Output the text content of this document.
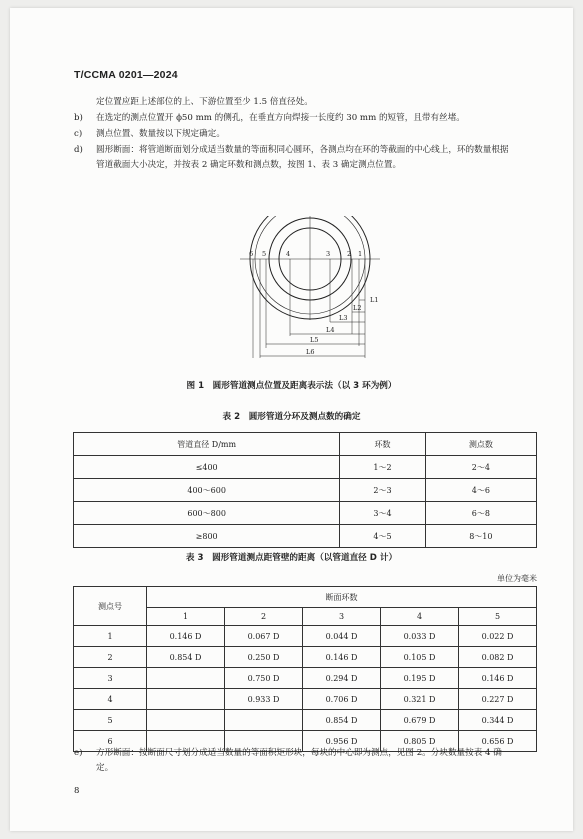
T/CCMA 0201—2024
定位置应距上述部位的上、下游位置至少 1.5 倍直径处。
b) 在选定的测点位置开 ϕ50 mm 的侧孔，在垂直方向焊接一长度约 30 mm 的短管，且带有丝堵。
c) 测点位置、数量按以下规定确定。
d) 圆形断面：将管道断面划分成适当数量的等面积同心圆环，各测点均在环的等截面的中心线上，环的数量根据管道截面大小决定，并按表 2 确定环数和测点数，按图 1、表 3 确定测点位置。
6 5	4	3	2 1
L1
L2
L3
L4
L5
L6
图 1　圆形管道测点位置及距离表示法（以 3 环为例）
表 2　圆形管道分环及测点数的确定
管道直径 D/mm	环数	测点数
≤400	1～2	2～4
400～600	2～3	4～6
600～800	3～4	6～8
≥800	4～5	8～10
表 3　圆形管道测点距管壁的距离（以管道直径 D 计）
单位为毫米
测点号	断面环数				
	1	2	3	4	5
1	0.146 D	0.067 D	0.044 D	0.033 D	0.022 D
2	0.854 D	0.250 D	0.146 D	0.105 D	0.082 D
3		0.750 D	0.294 D	0.195 D	0.146 D
4		0.933 D	0.706 D	0.321 D	0.227 D
5			0.854 D	0.679 D	0.344 D
6			0.956 D	0.805 D	0.656 D
e) 方形断面：按断面尺寸划分成适当数量的等面积矩形块，每块的中心即为测点，见图 2。分块数量按表 4 确定。
8
